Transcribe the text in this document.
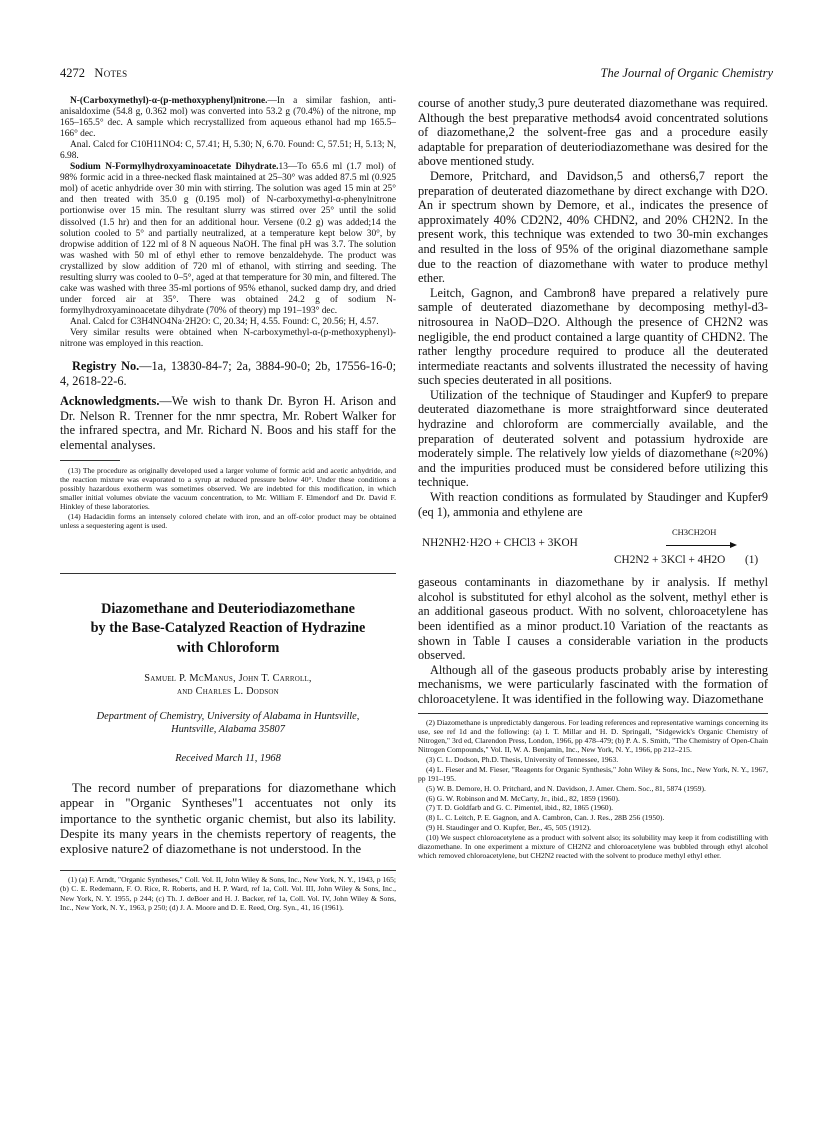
4272 Notes	The Journal of Organic Chemistry

N-(Carboxymethyl)-α-(p-methoxyphenyl)nitrone.—In a similar fashion, anti-anisaldoxime (54.8 g, 0.362 mol) was converted into 53.2 g (70.4%) of the nitrone, mp 165–165.5° dec. A sample which recrystallized from aqueous ethanol had mp 165.5–166° dec.

Anal. Calcd for C10H11NO4: C, 57.41; H, 5.30; N, 6.70. Found: C, 57.51; H, 5.13; N, 6.98.

Sodium N-Formylhydroxyaminoacetate Dihydrate.13—To 65.6 ml (1.7 mol) of 98% formic acid in a three-necked flask maintained at 25–30° was added 87.5 ml (0.925 mol) of acetic anhydride over 30 min with stirring. The solution was aged 15 min at 25° and then treated with 35.0 g (0.195 mol) of N-carboxymethyl-α-phenylnitrone portionwise over 15 min. The resultant slurry was stirred over 25° until the solid dissolved (1.5 hr) and then for an additional hour. Versene (0.2 g) was added;14 the solution cooled to 5° and partially neutralized, at a temperature kept below 30°, by dropwise addition of 122 ml of 8 N aqueous NaOH. The final pH was 3.7. The solution was washed with 50 ml of ethyl ether to remove benzaldehyde. The product was crystallized by slow addition of 720 ml of ethanol, with stirring and seeding. The resulting slurry was cooled to 0–5°, aged at that temperature for 30 min, and filtered. The cake was washed with three 35-ml portions of 95% ethanol, sucked damp dry, and dried under forced air at 35°. There was obtained 24.2 g of sodium N-formylhydroxyaminoacetate dihydrate (70% of theory) mp 191–193° dec.

Anal. Calcd for C3H4NO4Na·2H2O: C, 20.34; H, 4.55. Found: C, 20.56; H, 4.57.

Very similar results were obtained when N-carboxymethyl-α-(p-methoxyphenyl)-nitrone was employed in this reaction.

Registry No.—1a, 13830-84-7; 2a, 3884-90-0; 2b, 17556-16-0; 4, 2618-22-6.

Acknowledgments.—We wish to thank Dr. Byron H. Arison and Dr. Nelson R. Trenner for the nmr spectra, Mr. Robert Walker for the infrared spectra, and Mr. Richard N. Boos and his staff for the elemental analyses.

(13) The procedure as originally developed used a larger volume of formic acid and acetic anhydride, and the reaction mixture was evaporated to a syrup at reduced pressure below 40°. Under these conditions a possibly hazardous exotherm was sometimes observed. We are indebted for this modification, in which smaller initial volumes obviate the vacuum concentration, to Mr. William F. Elmendorf and Dr. David F. Hinkley of these laboratories.

(14) Hadacidin forms an intensely colored chelate with iron, and an off-color product may be obtained unless a sequestering agent is used.

Diazomethane and Deuteriodiazomethane
by the Base-Catalyzed Reaction of Hydrazine
with Chloroform
Samuel P. McManus, John T. Carroll,
and Charles L. Dodson
Department of Chemistry, University of Alabama in Huntsville,
Huntsville, Alabama 35807
Received March 11, 1968

The record number of preparations for diazomethane which appear in "Organic Syntheses"1 accentuates not only its importance to the synthetic organic chemist, but also its lability. Despite its many years in the chemists repertory of reagents, the explosive nature2 of diazomethane is not understood. In the

(1) (a) F. Arndt, "Organic Syntheses," Coll. Vol. II, John Wiley & Sons, Inc., New York, N. Y., 1943, p 165; (b) C. E. Redemann, F. O. Rice, R. Roberts, and H. P. Ward, ref 1a, Coll. Vol. III, John Wiley & Sons, Inc., New York, N. Y. 1955, p 244; (c) Th. J. deBoer and H. J. Backer, ref 1a, Coll. Vol. IV, John Wiley & Sons, Inc., New York, N. Y., 1963, p 250; (d) J. A. Moore and D. E. Reed, Org. Syn., 41, 16 (1961).

course of another study,3 pure deuterated diazomethane was required. Although the best preparative methods4 avoid concentrated solutions of diazomethane,2 the solvent-free gas and a procedure easily adaptable for preparation of deuteriodiazomethane was desired for the above mentioned study.

Demore, Pritchard, and Davidson,5 and others6,7 report the preparation of deuterated diazomethane by direct exchange with D2O. An ir spectrum shown by Demore, et al., indicates the presence of approximately 40% CD2N2, 40% CHDN2, and 20% CH2N2. In the present work, this technique was extended to two 30-min exchanges and resulted in the loss of 95% of the original diazomethane sample due to the reaction of diazomethane with water to produce methyl ether.

Leitch, Gagnon, and Cambron8 have prepared a relatively pure sample of deuterated diazomethane by decomposing methyl-d3-nitrosourea in NaOD–D2O. Although the presence of CH2N2 was negligible, the end product contained a large quantity of CHDN2. The rather lengthy procedure required to produce all the deuterated intermediate reactants and solvents illustrated the necessity of having such species deuterated in all positions.

Utilization of the technique of Staudinger and Kupfer9 to prepare deuterated diazomethane is more straightforward since deuterated hydrazine and chloroform are commercially available, and the preparation of deuterated solvent and potassium hydroxide are moderately simple. The relatively low yields of diazomethane (≈20%) and the impurities produced must be considered before utilizing this technique.

With reaction conditions as formulated by Staudinger and Kupfer9 (eq 1), ammonia and ethylene are

NH2NH2·H2O + CHCl3 + 3KOH
CH3CH2OH
CH2N2 + 3KCl + 4H2O (1)

gaseous contaminants in diazomethane by ir analysis. If methyl alcohol is substituted for ethyl alcohol as the solvent, methyl ether is an additional gaseous product. With no solvent, chloroacetylene has been identified as a minor product.10 Variation of the reactants as shown in Table I causes a considerable variation in the products observed.

Although all of the gaseous products probably arise by interesting mechanisms, we were particularly fascinated with the formation of chloroacetylene. It was identified in the following way. Diazomethane

(2) Diazomethane is unpredictably dangerous. For leading references and representative warnings concerning its use, see ref 1d and the following: (a) I. T. Millar and H. D. Springall, "Sidgewick's Organic Chemistry of Nitrogen," 3rd ed, Clarendon Press, London, 1966, pp 478–479; (b) P. A. S. Smith, "The Chemistry of Open-Chain Nitrogen Compounds," Vol. II, W. A. Benjamin, Inc., New York, N. Y., 1966, pp 212–215.

(3) C. L. Dodson, Ph.D. Thesis, University of Tennessee, 1963.

(4) L. Fieser and M. Fieser, "Reagents for Organic Synthesis," John Wiley & Sons, Inc., New York, N. Y., 1967, pp 191–195.

(5) W. B. Demore, H. O. Pritchard, and N. Davidson, J. Amer. Chem. Soc., 81, 5874 (1959).

(6) G. W. Robinson and M. McCarty, Jr., ibid., 82, 1859 (1960).

(7) T. D. Goldfarb and G. C. Pimentel, ibid., 82, 1865 (1960).

(8) L. C. Leitch, P. E. Gagnon, and A. Cambron, Can. J. Res., 28B 256 (1950).

(9) H. Staudinger and O. Kupfer, Ber., 45, 505 (1912).

(10) We suspect chloroacetylene as a product with solvent also; its solubility may keep it from codistilling with diazomethane. In one experiment a mixture of CH2N2 and chloroacetylene was bubbled through ethyl alcohol which removed chloroacetylene, but CH2N2 reacted with the solvent to produce methyl ethyl ether.
